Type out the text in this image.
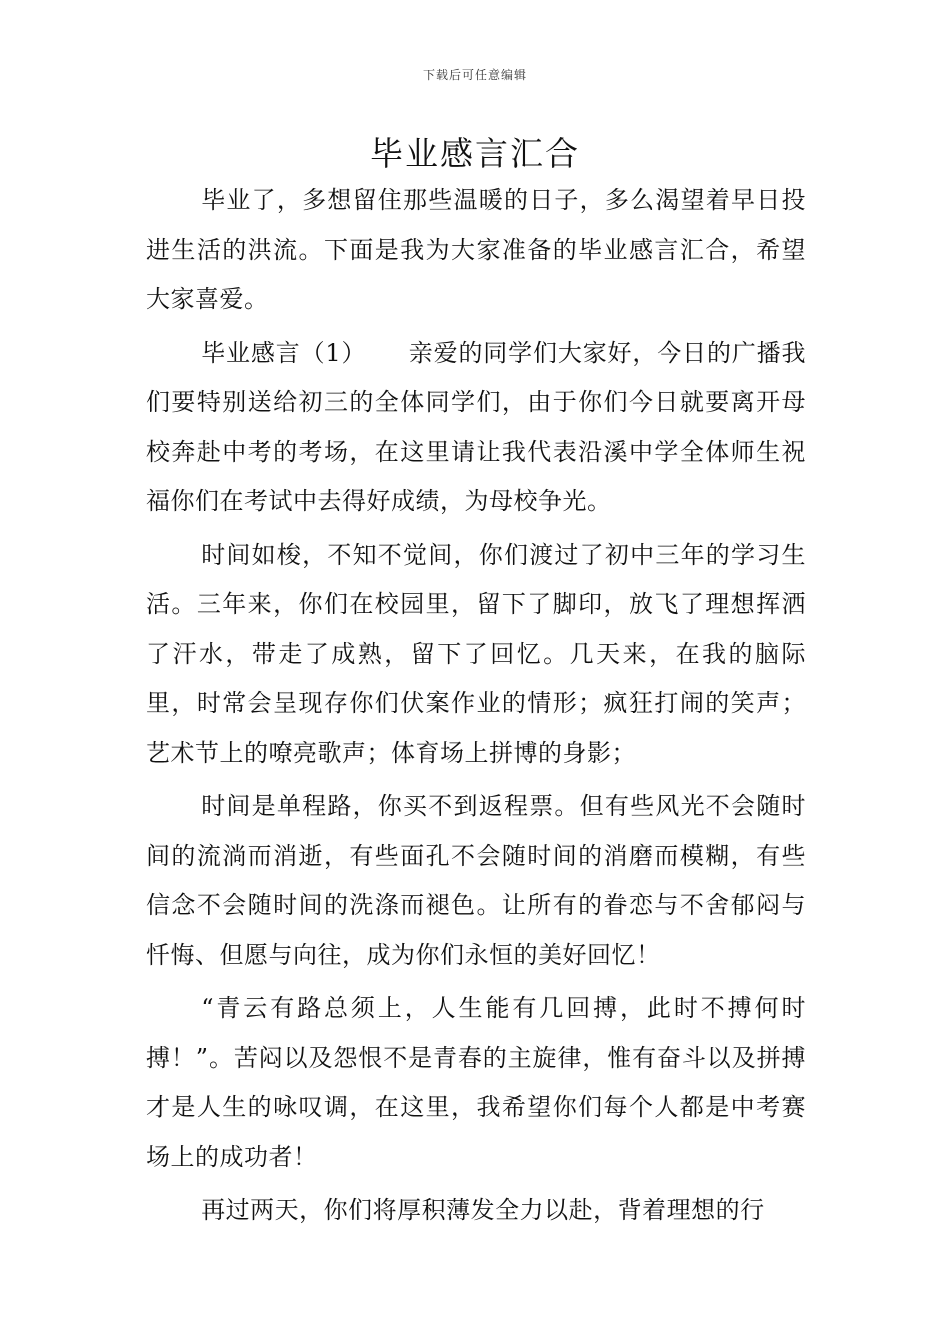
下载后可任意编辑
毕业感言汇合

毕业了，多想留住那些温暖的日子，多么渴望着早日投进生活的洪流。下面是我为大家准备的毕业感言汇合，希望大家喜爱。

毕业感言（1） 亲爱的同学们大家好，今日的广播我们要特别送给初三的全体同学们，由于你们今日就要离开母校奔赴中考的考场，在这里请让我代表沿溪中学全体师生祝福你们在考试中去得好成绩，为母校争光。

时间如梭，不知不觉间，你们渡过了初中三年的学习生活。三年来，你们在校园里，留下了脚印，放飞了理想挥洒了汗水，带走了成熟，留下了回忆。几天来，在我的脑际里，时常会呈现存你们伏案作业的情形；疯狂打闹的笑声；艺术节上的嘹亮歌声；体育场上拼博的身影；

时间是单程路，你买不到返程票。但有些风光不会随时间的流淌而消逝，有些面孔不会随时间的消磨而模糊，有些信念不会随时间的洗涤而褪色。让所有的眷恋与不舍郁闷与忏悔、但愿与向往，成为你们永恒的美好回忆！

“青云有路总须上，人生能有几回搏，此时不搏何时搏！”。苦闷以及怨恨不是青春的主旋律，惟有奋斗以及拼搏才是人生的咏叹调，在这里，我希望你们每个人都是中考赛场上的成功者！

再过两天，你们将厚积薄发全力以赴，背着理想的行
